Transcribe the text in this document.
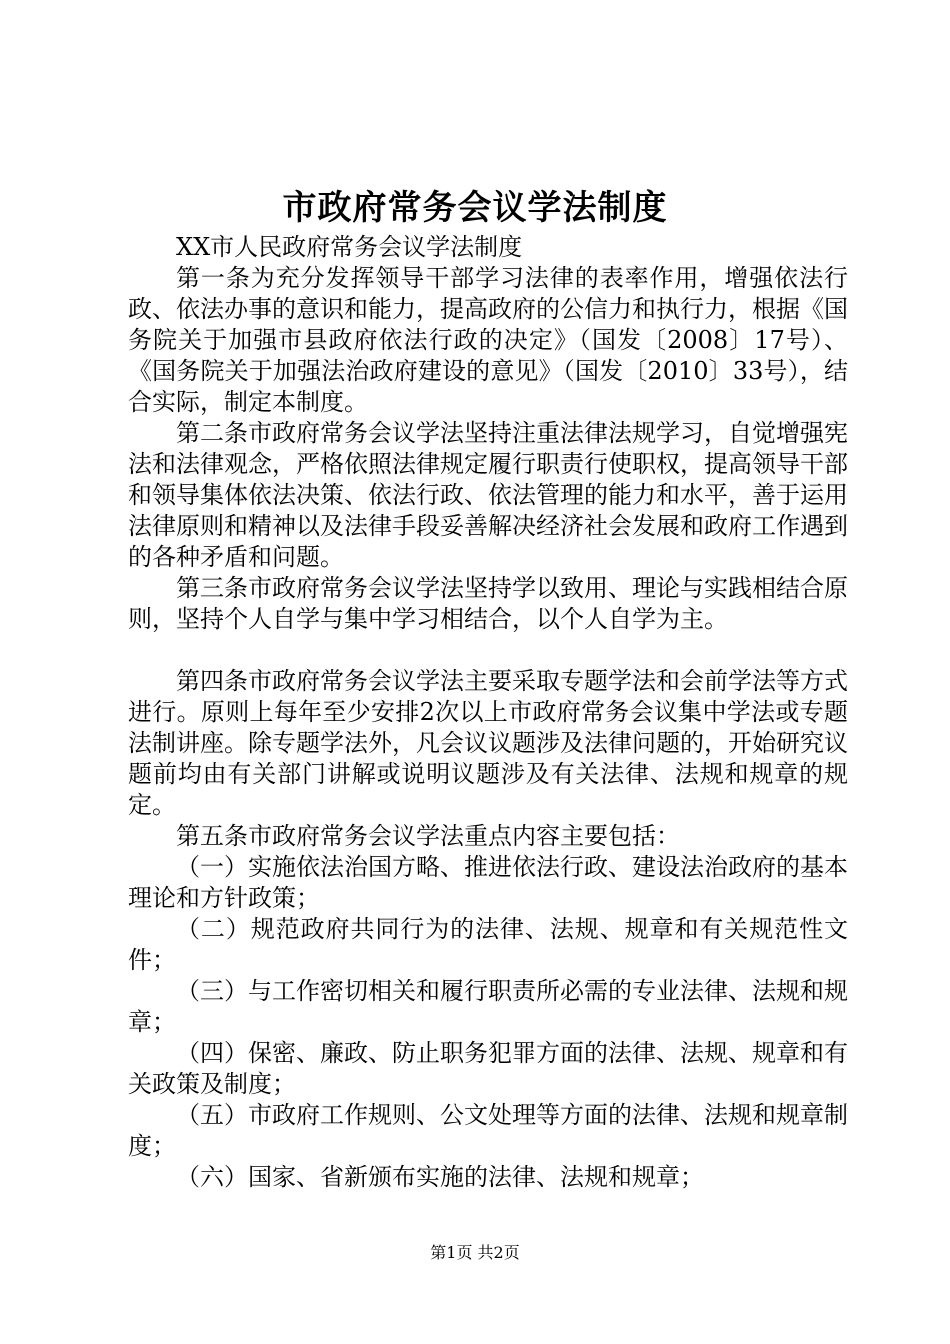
市政府常务会议学法制度

XX市人民政府常务会议学法制度

第一条为充分发挥领导干部学习法律的表率作用，增强依法行政、依法办事的意识和能力，提高政府的公信力和执行力，根据《国务院关于加强市县政府依法行政的决定》（国发〔2008〕17号）、《国务院关于加强法治政府建设的意见》（国发〔2010〕33号），结合实际，制定本制度。

第二条市政府常务会议学法坚持注重法律法规学习，自觉增强宪法和法律观念，严格依照法律规定履行职责行使职权，提高领导干部和领导集体依法决策、依法行政、依法管理的能力和水平，善于运用法律原则和精神以及法律手段妥善解决经济社会发展和政府工作遇到的各种矛盾和问题。

第三条市政府常务会议学法坚持学以致用、理论与实践相结合原则，坚持个人自学与集中学习相结合，以个人自学为主。

第四条市政府常务会议学法主要采取专题学法和会前学法等方式进行。原则上每年至少安排2次以上市政府常务会议集中学法或专题法制讲座。除专题学法外，凡会议议题涉及法律问题的，开始研究议题前均由有关部门讲解或说明议题涉及有关法律、法规和规章的规定。

第五条市政府常务会议学法重点内容主要包括：

（一）实施依法治国方略、推进依法行政、建设法治政府的基本理论和方针政策；

（二）规范政府共同行为的法律、法规、规章和有关规范性文件；

（三）与工作密切相关和履行职责所必需的专业法律、法规和规章；

（四）保密、廉政、防止职务犯罪方面的法律、法规、规章和有关政策及制度；

（五）市政府工作规则、公文处理等方面的法律、法规和规章制度；

（六）国家、省新颁布实施的法律、法规和规章；

第1页 共2页
